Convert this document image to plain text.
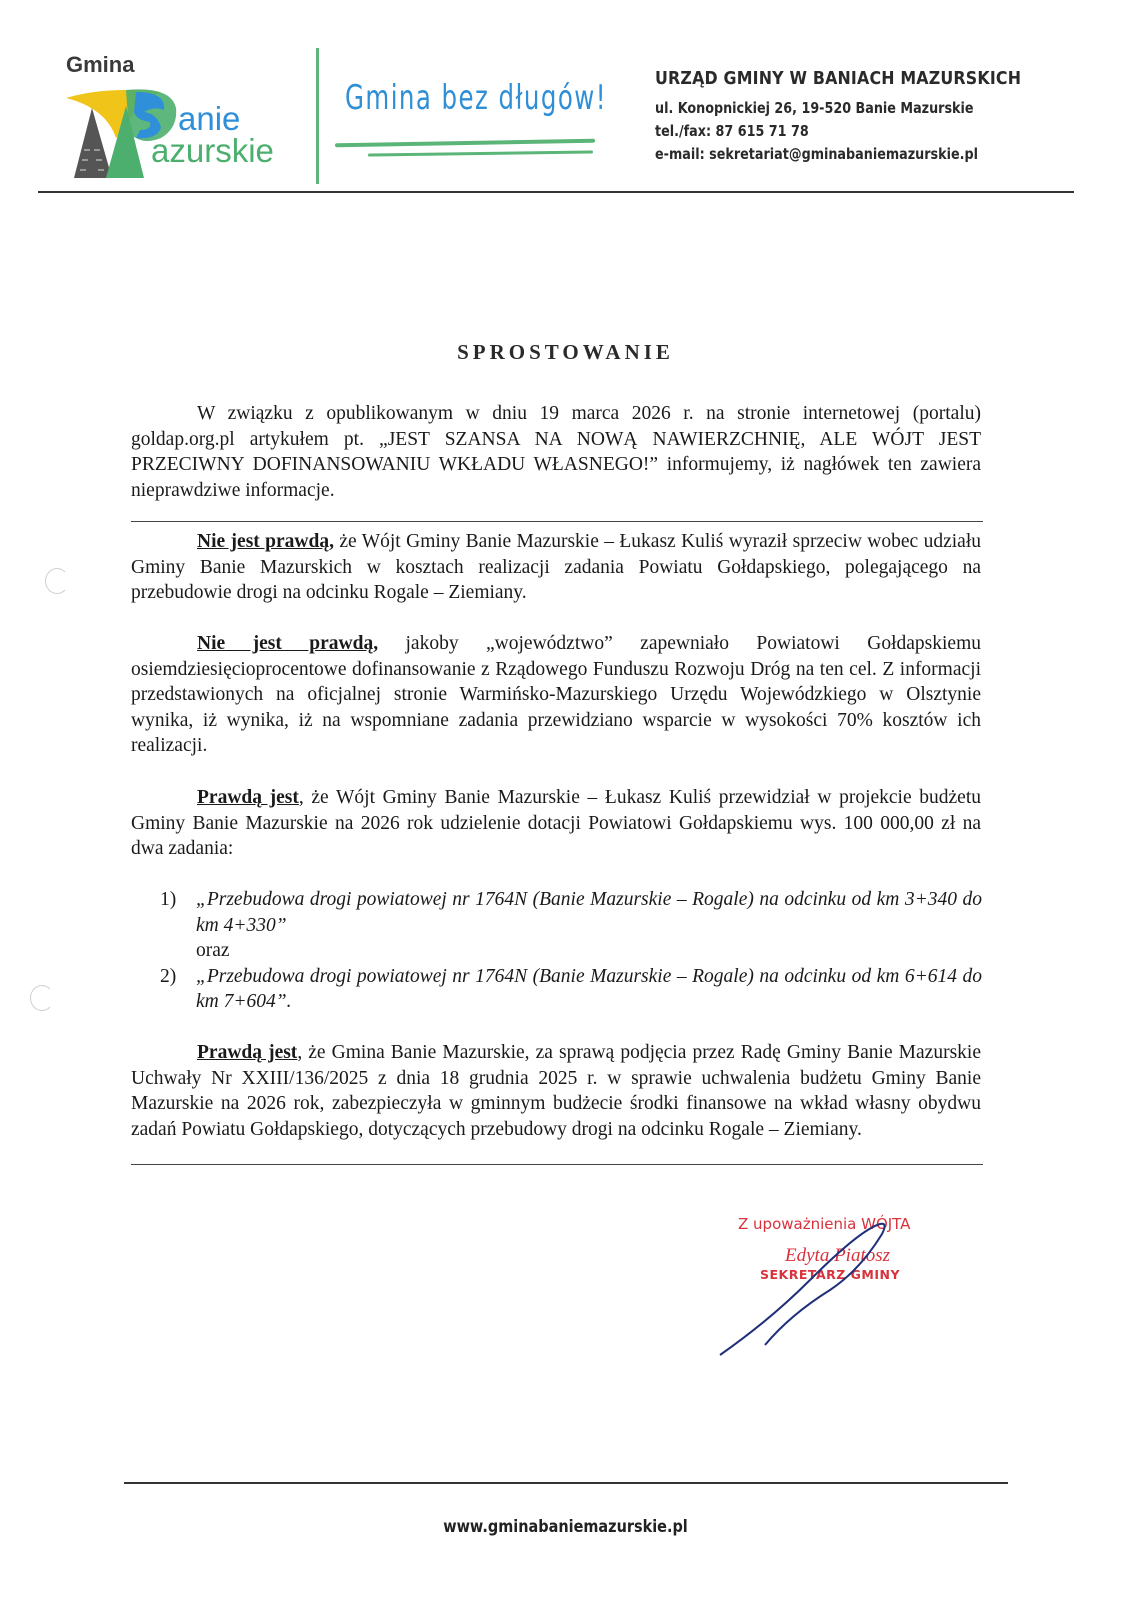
Gmina
anie
azurskie
Gmina bez długów!	URZĄD GMINY W BANIACH MAZURSKICH
ul. Konopnickiej 26, 19-520 Banie Mazurskie
tel./fax: 87 615 71 78
e-mail: sekretariat@gminabaniemazurskie.pl
SPROSTOWANIE
W związku z opublikowanym w dniu 19 marca 2026 r. na stronie internetowej (portalu) goldap.org.pl artykułem pt. „JEST SZANSA NA NOWĄ NAWIERZCHNIĘ, ALE WÓJT JEST PRZECIWNY DOFINANSOWANIU WKŁADU WŁASNEGO!” informujemy, iż nagłówek ten zawiera nieprawdziwe informacje.
Nie jest prawdą, że Wójt Gminy Banie Mazurskie – Łukasz Kuliś wyraził sprzeciw wobec udziału Gminy Banie Mazurskich w kosztach realizacji zadania Powiatu Gołdapskiego, polegającego na przebudowie drogi na odcinku Rogale – Ziemiany.
Nie jest prawdą, jakoby „województwo” zapewniało Powiatowi Gołdapskiemu osiemdziesięcioprocentowe dofinansowanie z Rządowego Funduszu Rozwoju Dróg na ten cel. Z informacji przedstawionych na oficjalnej stronie Warmińsko-Mazurskiego Urzędu Wojewódzkiego w Olsztynie wynika, iż wynika, iż na wspomniane zadania przewidziano wsparcie w wysokości 70% kosztów ich realizacji.
Prawdą jest, że Wójt Gminy Banie Mazurskie – Łukasz Kuliś przewidział w projekcie budżetu Gminy Banie Mazurskie na 2026 rok udzielenie dotacji Powiatowi Gołdapskiemu wys. 100 000,00 zł na dwa zadania:
1)	„Przebudowa drogi powiatowej nr 1764N (Banie Mazurskie – Rogale) na odcinku od km 3+340 do km 4+330”
oraz
2)	„Przebudowa drogi powiatowej nr 1764N (Banie Mazurskie – Rogale) na odcinku od km 6+614 do km 7+604”.
Prawdą jest, że Gmina Banie Mazurskie, za sprawą podjęcia przez Radę Gminy Banie Mazurskie Uchwały Nr XXIII/136/2025 z dnia 18 grudnia 2025 r. w sprawie uchwalenia budżetu Gminy Banie Mazurskie na 2026 rok, zabezpieczyła w gminnym budżecie środki finansowe na wkład własny obydwu zadań Powiatu Gołdapskiego, dotyczących przebudowy drogi na odcinku Rogale – Ziemiany.
Z upoważnienia WÓJTA
Edyta Piatosz
SEKRETARZ GMINY
www.gminabaniemazurskie.pl
